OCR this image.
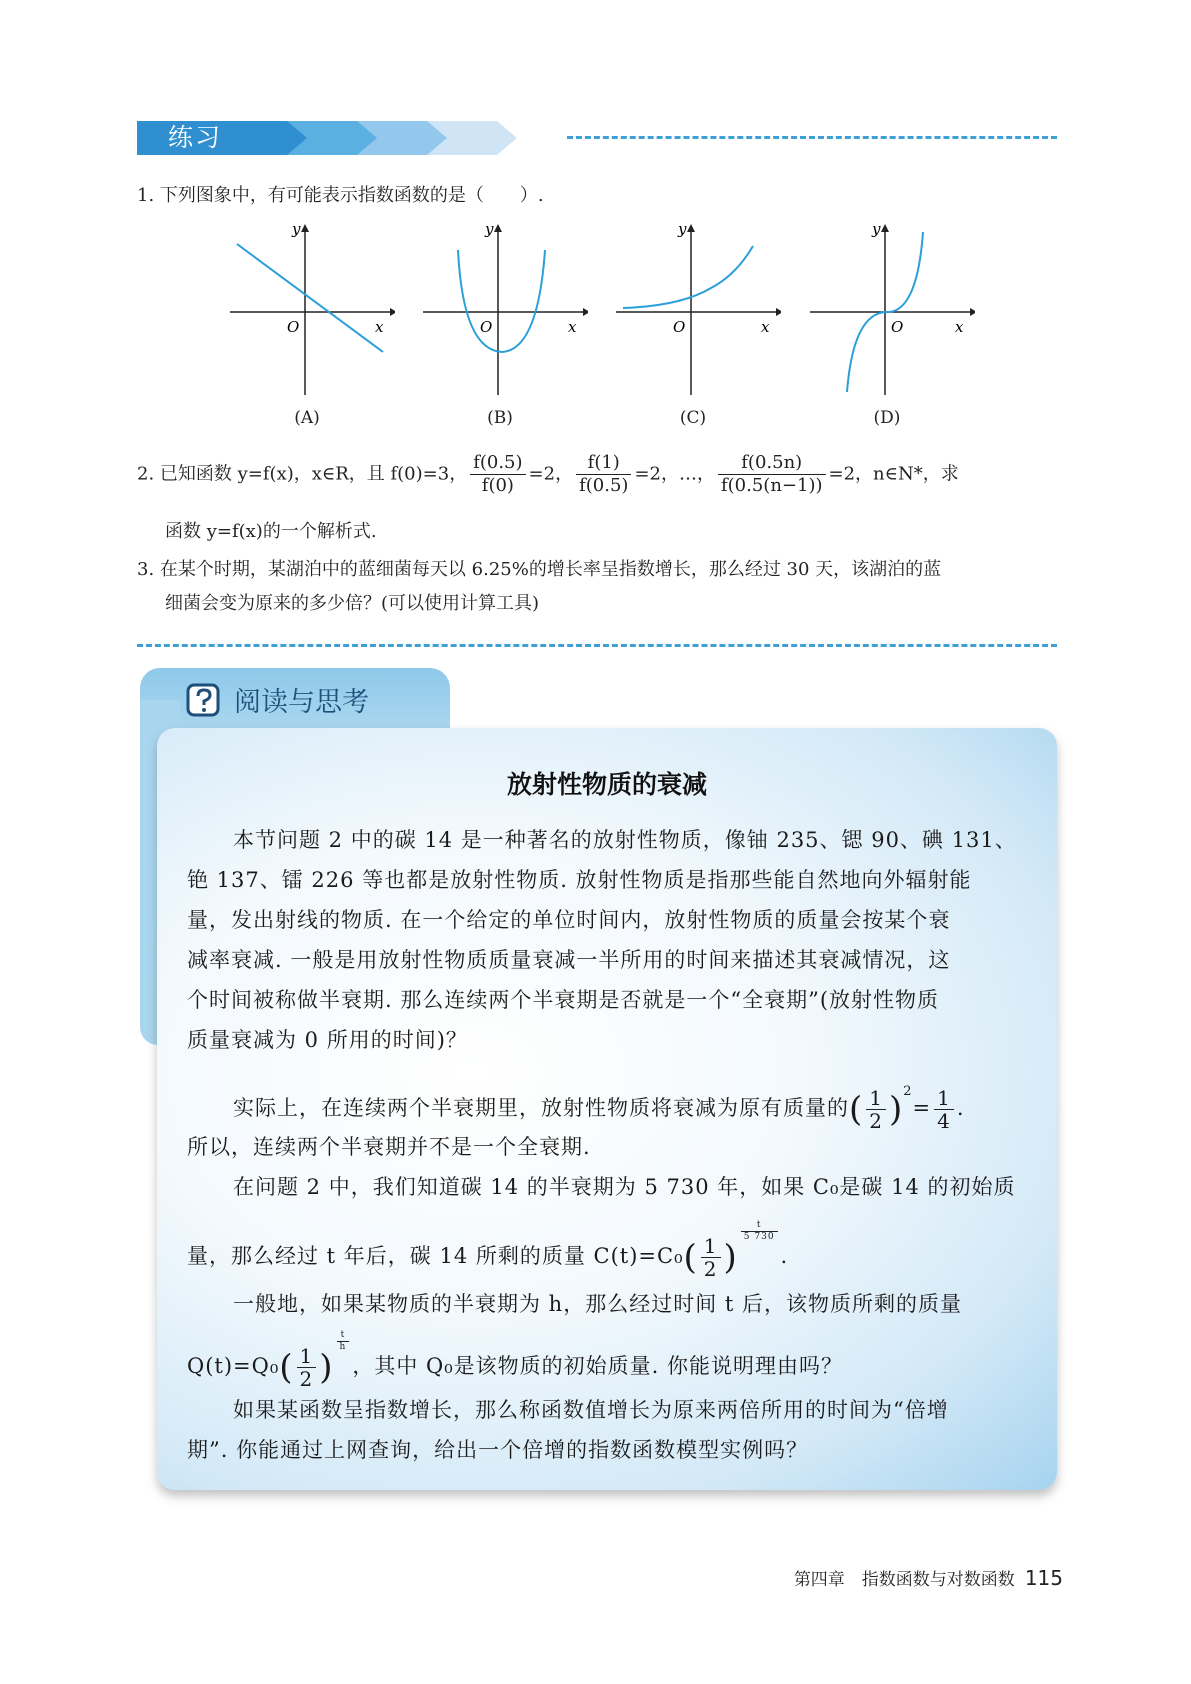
练习
1. 下列图象中，有可能表示指数函数的是（　　）.
y
x
O
y
x
O
y
x
O
y
x
O
(A)	(B)	(C)	(D)
2. 已知函数 y=f(x)，x∈R，且 f(0)=3， $\frac{f(0.5)}{f(0)} =2$， $\frac{f(1)}{f(0.5)} =2$，…， $\frac{f(0.5n)}{f(0.5(n-1))} =2$，n∈N*，求
函数 y=f(x)的一个解析式.
3. 在某个时期，某湖泊中的蓝细菌每天以 6.25%的增长率呈指数增长，那么经过 30 天，该湖泊的蓝
细菌会变为原来的多少倍？(可以使用计算工具)
阅读与思考
放射性物质的衰减
本节问题 2 中的碳 14 是一种著名的放射性物质，像铀 235、锶 90、碘 131、
铯 137、镭 226 等也都是放射性物质. 放射性物质是指那些能自然地向外辐射能
量，发出射线的物质. 在一个给定的单位时间内，放射性物质的质量会按某个衰
减率衰减. 一般是用放射性物质质量衰减一半所用的时间来描述其衰减情况，这
个时间被称做半衰期. 那么连续两个半衰期是否就是一个“全衰期”(放射性物质
质量衰减为 0 所用的时间)？
实际上，在连续两个半衰期里，放射性物质将衰减为原有质量的( $\frac{1}{2} )^2= \frac{1}{4}$ .
所以，连续两个半衰期并不是一个全衰期.
在问题 2 中，我们知道碳 14 的半衰期为 5 730 年，如果 C₀是碳 14 的初始质
量，那么经过 t 年后，碳 14 所剩的质量 $C(t)=C_0( \frac{1}{2}$ )
$\frac{t}{5 730}$
.
一般地，如果某物质的半衰期为 h，那么经过时间 t 后，该物质所剩的质量
$Q(t)=Q_0( \frac{1}{2}$ )
$\frac{t}{h}$
，其中 Q₀是该物质的初始质量. 你能说明理由吗？
如果某函数呈指数增长，那么称函数值增长为原来两倍所用的时间为“倍增
期”. 你能通过上网查询，给出一个倍增的指数函数模型实例吗？
第四章　指数函数与对数函数 115
